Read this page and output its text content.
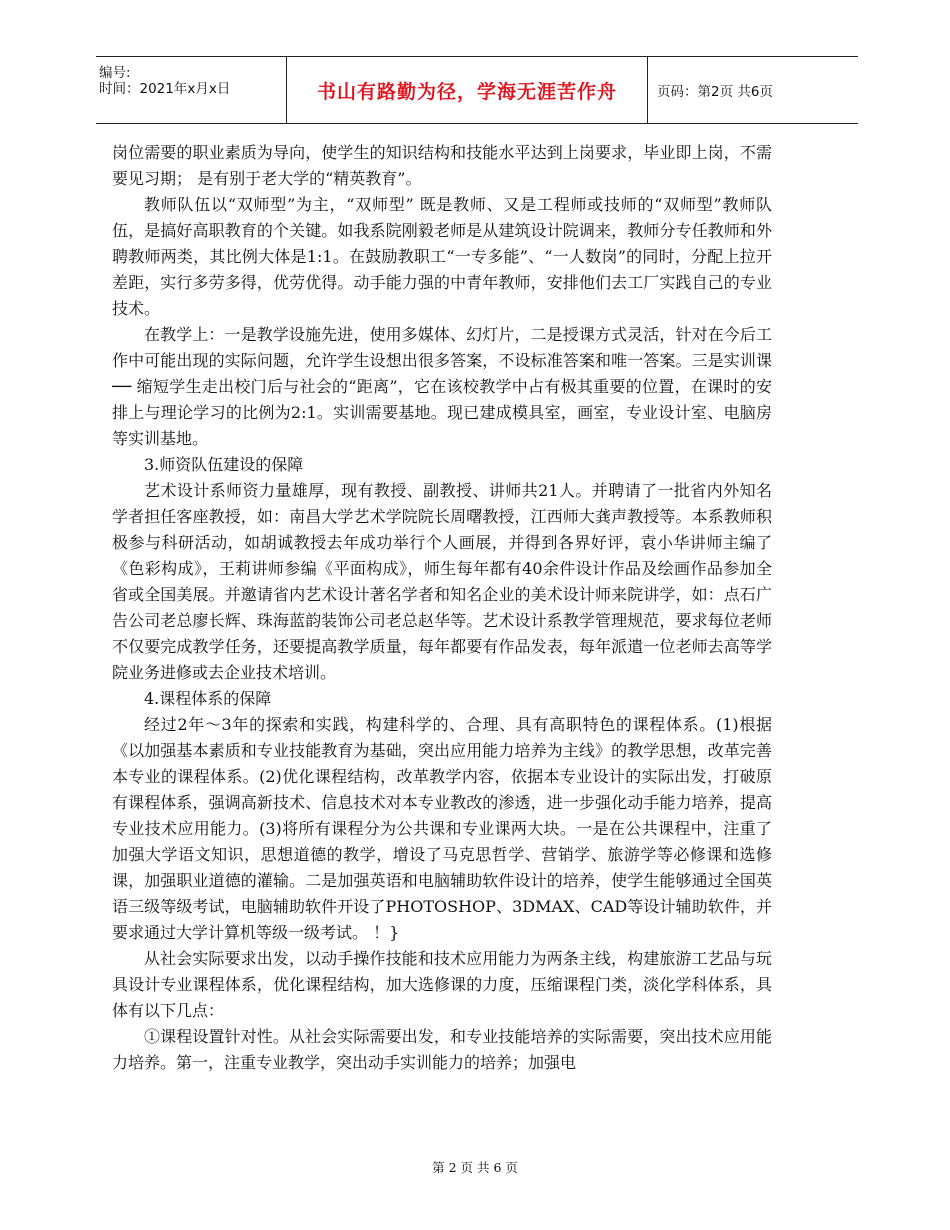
编号:
时间：2021年x月x日	书山有路勤为径，学海无涯苦作舟	页码：第2页 共6页

岗位需要的职业素质为导向，使学生的知识结构和技能水平达到上岗要求，毕业即上岗，不需要见习期； 是有别于老大学的“精英教育”。

教师队伍以“双师型”为主，“双师型” 既是教师、又是工程师或技师的“双师型”教师队伍，是搞好高职教育的个关键。如我系院刚毅老师是从建筑设计院调来，教师分专任教师和外聘教师两类，其比例大体是1:1。在鼓励教职工“一专多能”、“一人数岗”的同时，分配上拉开差距，实行多劳多得，优劳优得。动手能力强的中青年教师，安排他们去工厂实践自己的专业技术。

在教学上：一是教学设施先进，使用多媒体、幻灯片，二是授课方式灵活，针对在今后工作中可能出现的实际问题，允许学生设想出很多答案，不设标准答案和唯一答案。三是实训课── 缩短学生走出校门后与社会的“距离”，它在该校教学中占有极其重要的位置，在课时的安排上与理论学习的比例为2:1。实训需要基地。现已建成模具室，画室，专业设计室、电脑房等实训基地。

3.师资队伍建设的保障

艺术设计系师资力量雄厚，现有教授、副教授、讲师共21人。并聘请了一批省内外知名学者担任客座教授，如：南昌大学艺术学院院长周曙教授，江西师大龚声教授等。本系教师积极参与科研活动，如胡诚教授去年成功举行个人画展，并得到各界好评，袁小华讲师主编了《色彩构成》，王莉讲师参编《平面构成》，师生每年都有40余件设计作品及绘画作品参加全省或全国美展。并邀请省内艺术设计著名学者和知名企业的美术设计师来院讲学，如：点石广告公司老总廖长辉、珠海蓝韵装饰公司老总赵华等。艺术设计系教学管理规范，要求每位老师不仅要完成教学任务，还要提高教学质量，每年都要有作品发表，每年派遣一位老师去高等学院业务进修或去企业技术培训。

4.课程体系的保障

经过2年～3年的探索和实践，构建科学的、合理、具有高职特色的课程体系。(1)根据《以加强基本素质和专业技能教育为基础，突出应用能力培养为主线》的教学思想，改革完善本专业的课程体系。(2)优化课程结构，改革教学内容，依据本专业设计的实际出发，打破原有课程体系，强调高新技术、信息技术对本专业教改的渗透，进一步强化动手能力培养，提高专业技术应用能力。(3)将所有课程分为公共课和专业课两大块。一是在公共课程中，注重了加强大学语文知识，思想道德的教学，增设了马克思哲学、营销学、旅游学等必修课和选修课，加强职业道德的灌输。二是加强英语和电脑辅助软件设计的培养，使学生能够通过全国英语三级等级考试，电脑辅助软件开设了PHOTOSHOP、3DMAX、CAD等设计辅助软件，并要求通过大学计算机等级一级考试。 ！}

从社会实际要求出发，以动手操作技能和技术应用能力为两条主线，构建旅游工艺品与玩具设计专业课程体系，优化课程结构，加大选修课的力度，压缩课程门类，淡化学科体系，具体有以下几点：

①课程设置针对性。从社会实际需要出发，和专业技能培养的实际需要，突出技术应用能力培养。第一，注重专业教学，突出动手实训能力的培养；加强电

第 2 页 共 6 页
